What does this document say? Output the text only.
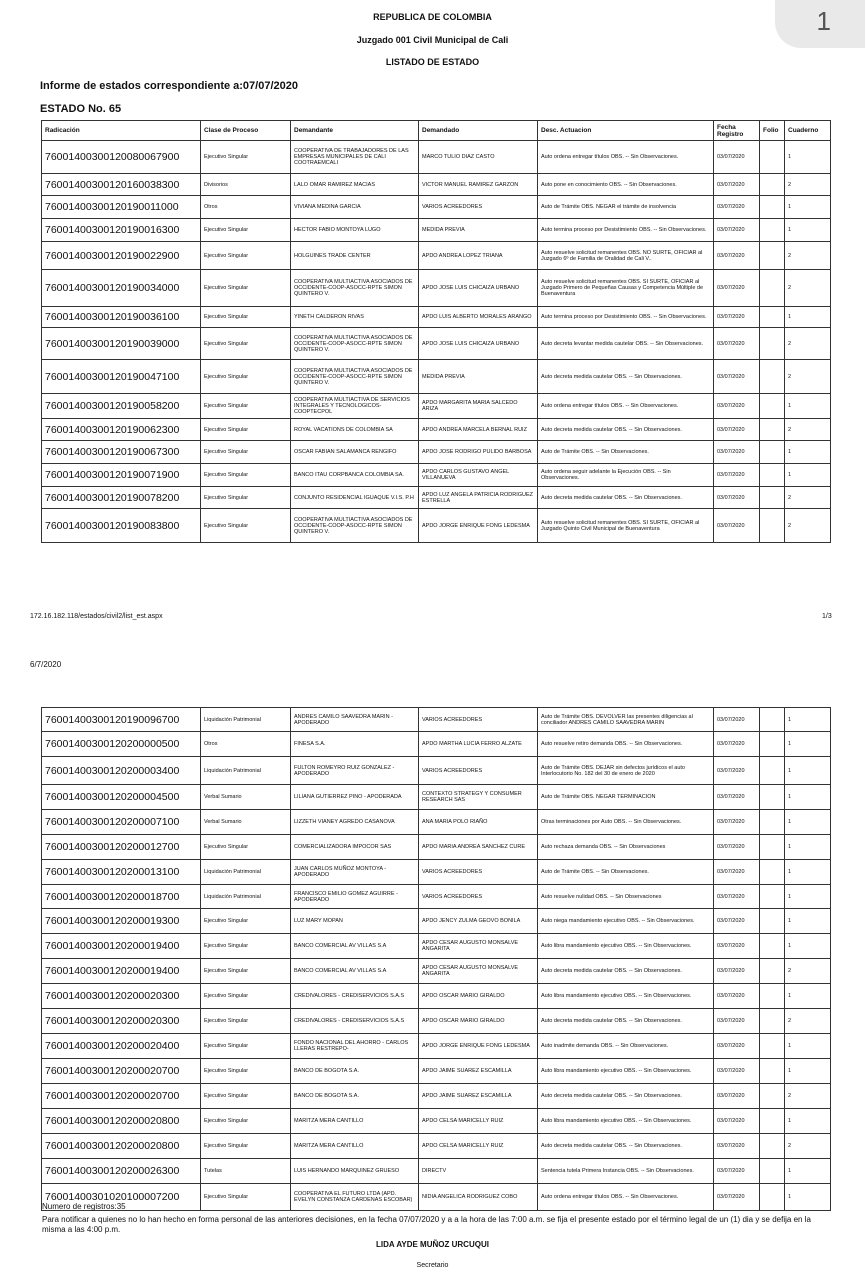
1
REPUBLICA DE COLOMBIA
Juzgado 001 Civil Municipal de Cali
LISTADO DE ESTADO
Informe de estados correspondiente a:07/07/2020
ESTADO No. 65
Radicación	Clase de Proceso	Demandante	Demandado	Desc. Actuacion	Fecha Registro	Folio	Cuaderno
76001400300120080067900	Ejecutivo Singular	COOPERATIVA DE TRABAJADORES DE LAS EMPRESAS MUNICIPALES DE CALI COOTRAEMCALI	MARCO TULIO DIAZ CASTO	Auto ordena entregar títulos OBS. -- Sin Observaciones.	03/07/2020		1
76001400300120160038300	Divisorios	LALO OMAR RAMIREZ MACIAS	VICTOR MANUEL RAMIREZ GARZON	Auto pone en conocimiento OBS. -- Sin Observaciones.	03/07/2020		2
76001400300120190011000	Otros	VIVIANA MEDINA GARCIA	VARIOS ACREEDORES	Auto de Trámite OBS. NEGAR el trámite de insolvencia	03/07/2020		1
76001400300120190016300	Ejecutivo Singular	HECTOR FABIO MONTOYA LUGO	MEDIDA PREVIA	Auto termina proceso por Desistimiento OBS. -- Sin Observaciones.	03/07/2020		1
76001400300120190022900	Ejecutivo Singular	HOLGUINES TRADE CENTER	APDO ANDREA LOPEZ TRIANA	Auto resuelve solicitud remanentes OBS. NO SURTE, OFICIAR al Juzgado 6º de Familia de Oralidad de Cali V..	03/07/2020		2
76001400300120190034000	Ejecutivo Singular	COOPERATIVA MULTIACTIVA ASOCIADOS DE OCCIDENTE-COOP-ASOCC-RPTE SIMON QUINTERO V.	APDO JOSE LUIS CHICAIZA URBANO	Auto resuelve solicitud remanentes OBS. SI SURTE, OFICIAR al Juzgado Primero de Pequeñas Causas y Competencia Múltiple de Buenaventura	03/07/2020		2
76001400300120190036100	Ejecutivo Singular	YINETH CALDERON RIVAS	APDO LUIS ALBERTO MORALES ARANGO	Auto termina proceso por Desistimiento OBS. -- Sin Observaciones.	03/07/2020		1
76001400300120190039000	Ejecutivo Singular	COOPERATIVA MULTIACTIVA ASOCIADOS DE OCCIDENTE-COOP-ASOCC-RPTE SIMON QUINTERO V.	APDO JOSE LUIS CHICAIZA URBANO	Auto decreta levantar medida cautelar OBS. -- Sin Observaciones.	03/07/2020		2
76001400300120190047100	Ejecutivo Singular	COOPERATIVA MULTIACTIVA ASOCIADOS DE OCCIDENTE-COOP-ASOCC-RPTE SIMON QUINTERO V.	MEDIDA PREVIA	Auto decreta medida cautelar OBS. -- Sin Observaciones.	03/07/2020		2
76001400300120190058200	Ejecutivo Singular	COOPERATIVA MULTIACTIVA DE SERVICIOS INTEGRALES Y TECNOLOGICOS-COOPTECPOL	APDO MARGARITA MARIA SALCEDO ARIZA	Auto ordena entregar títulos OBS. -- Sin Observaciones.	03/07/2020		1
76001400300120190062300	Ejecutivo Singular	ROYAL VACATIONS DE COLOMBIA SA	APDO ANDREA MARCELA BERNAL RUIZ	Auto decreta medida cautelar OBS. -- Sin Observaciones.	03/07/2020		2
76001400300120190067300	Ejecutivo Singular	OSCAR FABIAN SALAMANCA RENGIFO	APDO JOSE RODRIGO PULIDO BARBOSA	Auto de Trámite OBS. -- Sin Observaciones.	03/07/2020		1
76001400300120190071900	Ejecutivo Singular	BANCO ITAU CORPBANCA COLOMBIA SA.	APDO CARLOS GUSTAVO ANGEL VILLANUEVA	Auto ordena seguir adelante la Ejecución OBS. -- Sin Observaciones.	03/07/2020		1
76001400300120190078200	Ejecutivo Singular	CONJUNTO RESIDENCIAL IGUAQUE V.I.S. P.H	APDO LUZ ANGELA PATRICIA RODRIGUEZ ESTRELLA	Auto decreta medida cautelar OBS. -- Sin Observaciones.	03/07/2020		2
76001400300120190083800	Ejecutivo Singular	COOPERATIVA MULTIACTIVA ASOCIADOS DE OCCIDENTE-COOP-ASOCC-RPTE SIMON QUINTERO V.	APDO JORGE ENRIQUE FONG LEDESMA	Auto resuelve solicitud remanentes OBS. SI SURTE, OFICIAR al Juzgado Quinto Civil Municipal de Buenaventura	03/07/2020		2
172.16.182.118/estados/civil2/list_est.aspx	1/3
6/7/2020
76001400300120190096700	Liquidación Patrimonial	ANDRES CAMILO SAAVEDRA MARIN - APODERADO	VARIOS ACREEDORES	Auto de Trámite OBS. DEVOLVER las presentes diligencias al conciliador ANDRES CAMILO SAAVEDRA MARIN	03/07/2020		1
76001400300120200000500	Otros	FINESA S.A.	APDO MARTHA LUCIA FERRO ALZATE	Auto resuelve retiro demanda OBS. -- Sin Observaciones.	03/07/2020		1
76001400300120200003400	Liquidación Patrimonial	FULTON ROMEYRO RUIZ GONZALEZ - APODERADO	VARIOS ACREEDORES	Auto de Trámite OBS. DEJAR sin defectos jurídicos el auto Interlocutorio No. 182 del 30 de enero de 2020	03/07/2020		1
76001400300120200004500	Verbal Sumario	LILIANA GUTIERREZ PINO - APODERADA	CONTEXTO STRATEGY Y CONSUMER RESEARCH SAS	Auto de Trámite OBS. NEGAR TERMINACION	03/07/2020		1
76001400300120200007100	Verbal Sumario	LIZZETH VIANEY AGREDO CASANOVA	ANA MARIA POLO RIAÑO	Otras terminaciones por Auto OBS. -- Sin Observaciones.	03/07/2020		1
76001400300120200012700	Ejecutivo Singular	COMERCIALIZADORA IMPOCOR SAS	APDO MARIA ANDREA SANCHEZ CURE	Auto rechaza demanda OBS. -- Sin Observaciones	03/07/2020		1
76001400300120200013100	Liquidación Patrimonial	JUAN CARLOS MUÑOZ MONTOYA - APODERADO	VARIOS ACREEDORES	Auto de Trámite OBS. -- Sin Observaciones.	03/07/2020		1
76001400300120200018700	Liquidación Patrimonial	FRANCISCO EMILIO GOMEZ AGUIRRE - APODERADO	VARIOS ACREEDORES	Auto resuelve nulidad OBS. -- Sin Observaciones	03/07/2020		1
76001400300120200019300	Ejecutivo Singular	LUZ MARY MOPAN	APDO JENCY ZULMA GEOVO BONILA	Auto niega mandamiento ejecutivo OBS. -- Sin Observaciones.	03/07/2020		1
76001400300120200019400	Ejecutivo Singular	BANCO COMERCIAL AV VILLAS S.A	APDO CESAR AUGUSTO MONSALVE ANGARITA	Auto libra mandamiento ejecutivo OBS. -- Sin Observaciones.	03/07/2020		1
76001400300120200019400	Ejecutivo Singular	BANCO COMERCIAL AV VILLAS S.A	APDO CESAR AUGUSTO MONSALVE ANGARITA	Auto decreta medida cautelar OBS. -- Sin Observaciones.	03/07/2020		2
76001400300120200020300	Ejecutivo Singular	CREDIVALORES - CREDISERVICIOS S.A.S	APDO OSCAR MARIO GIRALDO	Auto libra mandamiento ejecutivo OBS. -- Sin Observaciones.	03/07/2020		1
76001400300120200020300	Ejecutivo Singular	CREDIVALORES - CREDISERVICIOS S.A.S	APDO OSCAR MARIO GIRALDO	Auto decreta medida cautelar OBS. -- Sin Observaciones.	03/07/2020		2
76001400300120200020400	Ejecutivo Singular	FONDO NACIONAL DEL AHORRO - CARLOS LLERAS RESTREPO-	APDO JORGE ENRIQUE FONG LEDESMA	Auto inadmite demanda OBS. -- Sin Observaciones.	03/07/2020		1
76001400300120200020700	Ejecutivo Singular	BANCO DE BOGOTA S.A.	APDO JAIME SUAREZ ESCAMILLA	Auto libra mandamiento ejecutivo OBS. -- Sin Observaciones.	03/07/2020		1
76001400300120200020700	Ejecutivo Singular	BANCO DE BOGOTA S.A.	APDO JAIME SUAREZ ESCAMILLA	Auto decreta medida cautelar OBS. -- Sin Observaciones.	03/07/2020		2
76001400300120200020800	Ejecutivo Singular	MARITZA MERA CANTILLO	APDO CELSA MARICELLY RUIZ	Auto libra mandamiento ejecutivo OBS. -- Sin Observaciones.	03/07/2020		1
76001400300120200020800	Ejecutivo Singular	MARITZA MERA CANTILLO	APDO CELSA MARICELLY RUIZ	Auto decreta medida cautelar OBS. -- Sin Observaciones.	03/07/2020		2
76001400300120200026300	Tutelas	LUIS HERNANDO MARQUINEZ GRUESO	DIRECTV	Sentencia tutela Primera Instancia OBS. -- Sin Observaciones.	03/07/2020		1
76001400301020100007200	Ejecutivo Singular	COOPERATIVA EL FUTURO LTDA (APD. EVELYN CONSTANZA CARDENAS ESCOBAR)	NIDIA ANGELICA RODRIGUEZ COBO	Auto ordena entregar títulos OBS. -- Sin Observaciones.	03/07/2020		1
Numero de registros:35
Para notificar a quienes no lo han hecho en forma personal de las anteriores decisiones, en la fecha 07/07/2020 y a a la hora de las 7:00 a.m. se fija el presente estado por el término legal de un (1) dia y se defija en la misma a las 4:00 p.m.
LIDA AYDE MUÑOZ URCUQUI
Secretario
